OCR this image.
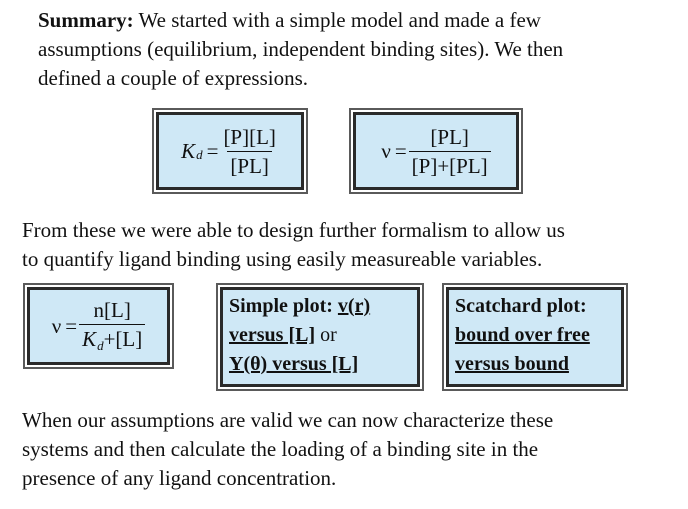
Summary: We started with a simple model and made a few
assumptions (equilibrium, independent binding sites). We then
defined a couple of expressions.
K $d = \frac{[P][L]}{[PL]}$	$\nu = \frac{[PL]}{[P]+[PL]}$
From these we were able to design further formalism to allow us
to quantify ligand binding using easily measureable variables.
$\nu = \frac{n[L]}{Kd+[L]}$	Simple plot: v(r)
versus [L] or
Y(θ) versus [L]
Scatchard plot:
bound over free
versus bound
When our assumptions are valid we can now characterize these
systems and then calculate the loading of a binding site in the
presence of any ligand concentration.
